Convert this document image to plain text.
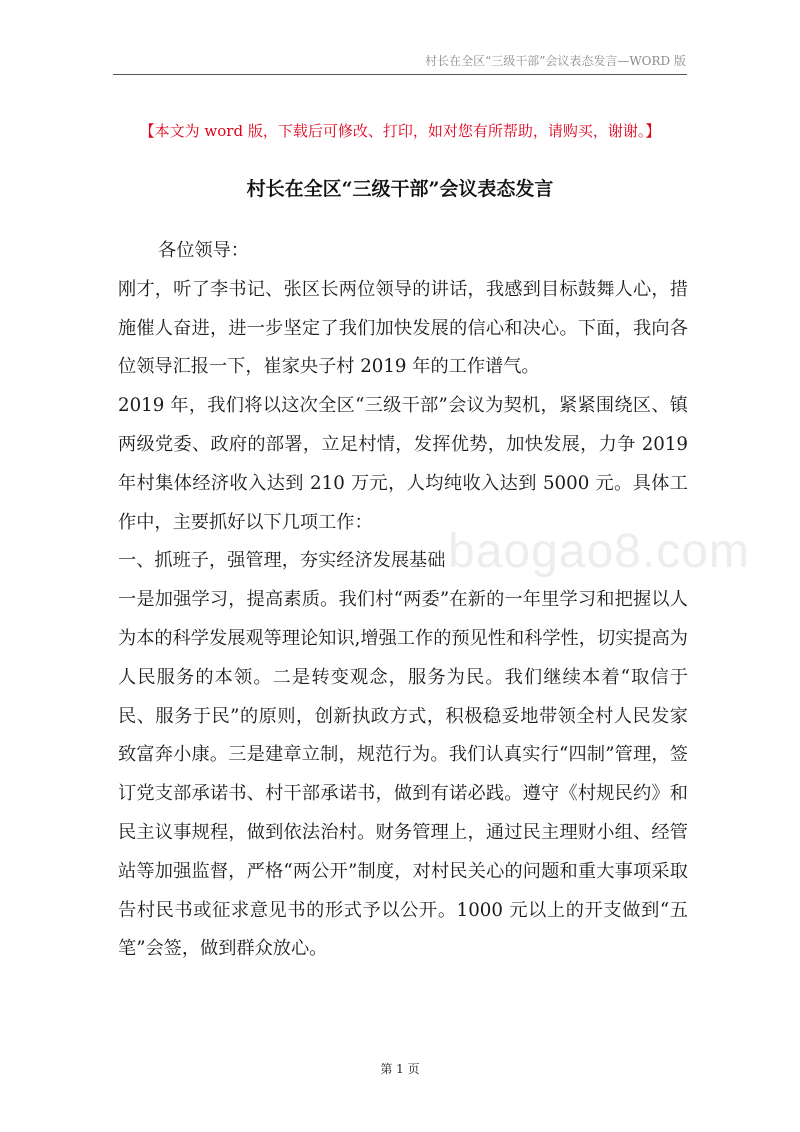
村长在全区“三级干部”会议表态发言—WORD 版
【本文为 word 版，下载后可修改、打印，如对您有所帮助，请购买，谢谢。】
村长在全区“三级干部”会议表态发言

各位领导：

刚才，听了李书记、张区长两位领导的讲话，我感到目标鼓舞人心，措施催人奋进，进一步坚定了我们加快发展的信心和决心。下面，我向各位领导汇报一下，崔家央子村 2019 年的工作谱气。

2019 年，我们将以这次全区“三级干部”会议为契机，紧紧围绕区、镇两级党委、政府的部署，立足村情，发挥优势，加快发展，力争 2019 年村集体经济收入达到 210 万元，人均纯收入达到 5000 元。具体工作中，主要抓好以下几项工作：

一、抓班子，强管理，夯实经济发展基础

一是加强学习，提高素质。我们村“两委”在新的一年里学习和把握以人为本的科学发展观等理论知识,增强工作的预见性和科学性，切实提高为人民服务的本领。二是转变观念，服务为民。我们继续本着“取信于民、服务于民”的原则，创新执政方式，积极稳妥地带领全村人民发家致富奔小康。三是建章立制，规范行为。我们认真实行“四制”管理，签订党支部承诺书、村干部承诺书，做到有诺必践。遵守《村规民约》和民主议事规程，做到依法治村。财务管理上，通过民主理财小组、经管站等加强监督，严格“两公开”制度，对村民关心的问题和重大事项采取告村民书或征求意见书的形式予以公开。1000 元以上的开支做到“五笔”会签，做到群众放心。

baogao8.com
第 1 页
